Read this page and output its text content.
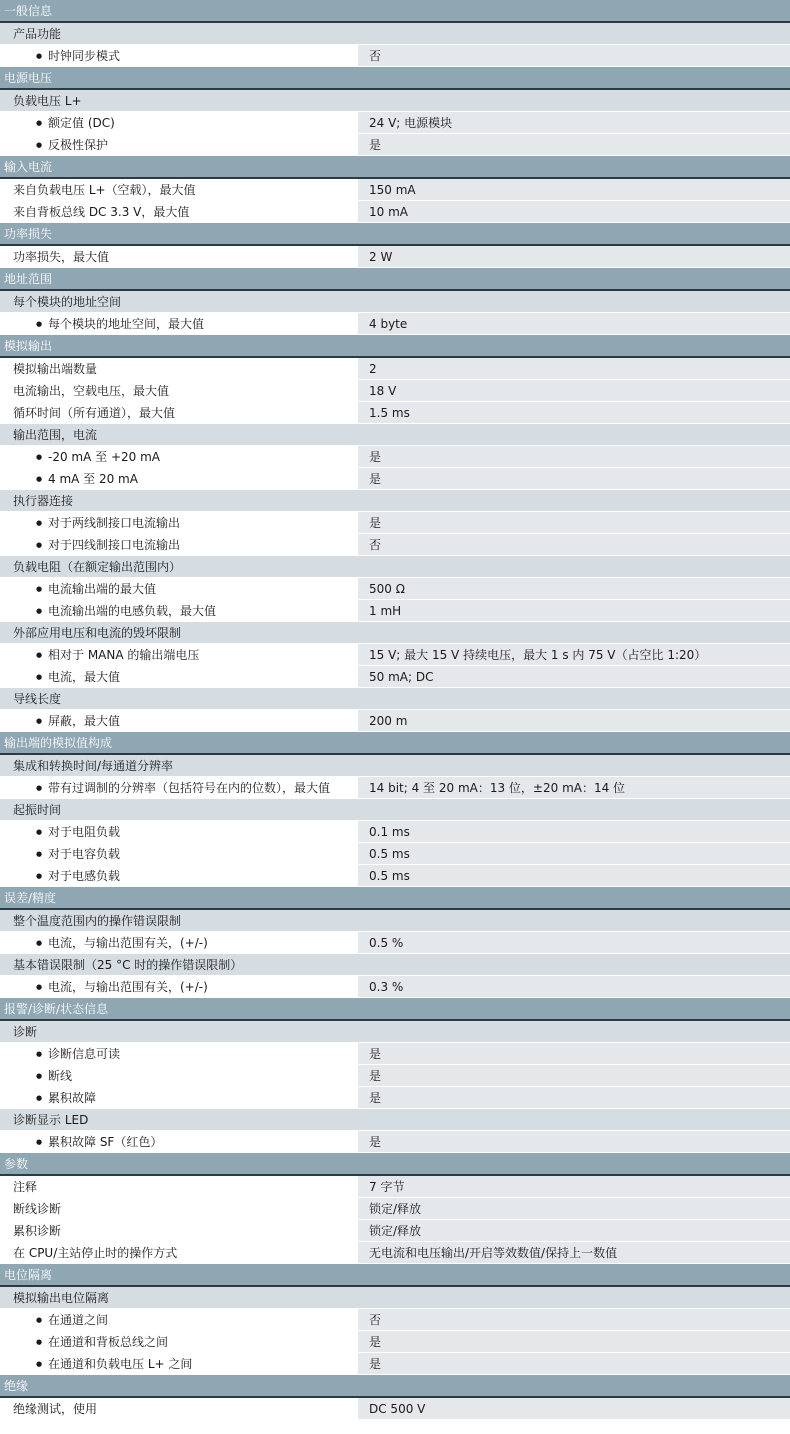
一般信息
产品功能
●
时钟同步模式	否
电源电压
负载电压 L+
●
额定值 (DC)	24 V; 电源模块
●
反极性保护	是
输入电流
来自负载电压 L+（空载），最大值	150 mA
来自背板总线 DC 3.3 V，最大值	10 mA
功率损失
功率损失，最大值	2 W
地址范围
每个模块的地址空间
●
每个模块的地址空间，最大值	4 byte
模拟输出
模拟输出端数量	2
电流输出，空载电压，最大值	18 V
循环时间（所有通道），最大值	1.5 ms
输出范围，电流
●
-20 mA 至 +20 mA	是
●
4 mA 至 20 mA	是
执行器连接
●
对于两线制接口电流输出	是
●
对于四线制接口电流输出	否
负载电阻（在额定输出范围内）
●
电流输出端的最大值	500 Ω
●
电流输出端的电感负载，最大值	1 mH
外部应用电压和电流的毁坏限制
●
相对于 MANA 的输出端电压	15 V; 最大 15 V 持续电压，最大 1 s 内 75 V（占空比 1:20）
●
电流，最大值	50 mA; DC
导线长度
●
屏蔽，最大值	200 m
输出端的模拟值构成
集成和转换时间/每通道分辨率
●
带有过调制的分辨率（包括符号在内的位数），最大值	14 bit; 4 至 20 mA：13 位，±20 mA：14 位
起振时间
●
对于电阻负载	0.1 ms
●
对于电容负载	0.5 ms
●
对于电感负载	0.5 ms
误差/精度
整个温度范围内的操作错误限制
●
电流，与输出范围有关，(+/-)	0.5 %
基本错误限制（25 °C 时的操作错误限制）
●
电流，与输出范围有关，(+/-)	0.3 %
报警/诊断/状态信息
诊断
●
诊断信息可读	是
●
断线	是
●
累积故障	是
诊断显示 LED
●
累积故障 SF（红色）	是
参数
注释	7 字节
断线诊断	锁定/释放
累积诊断	锁定/释放
在 CPU/主站停止时的操作方式	无电流和电压输出/开启等效数值/保持上一数值
电位隔离
模拟输出电位隔离
●
在通道之间	否
●
在通道和背板总线之间	是
●
在通道和负载电压 L+ 之间	是
绝缘
绝缘测试，使用	DC 500 V
